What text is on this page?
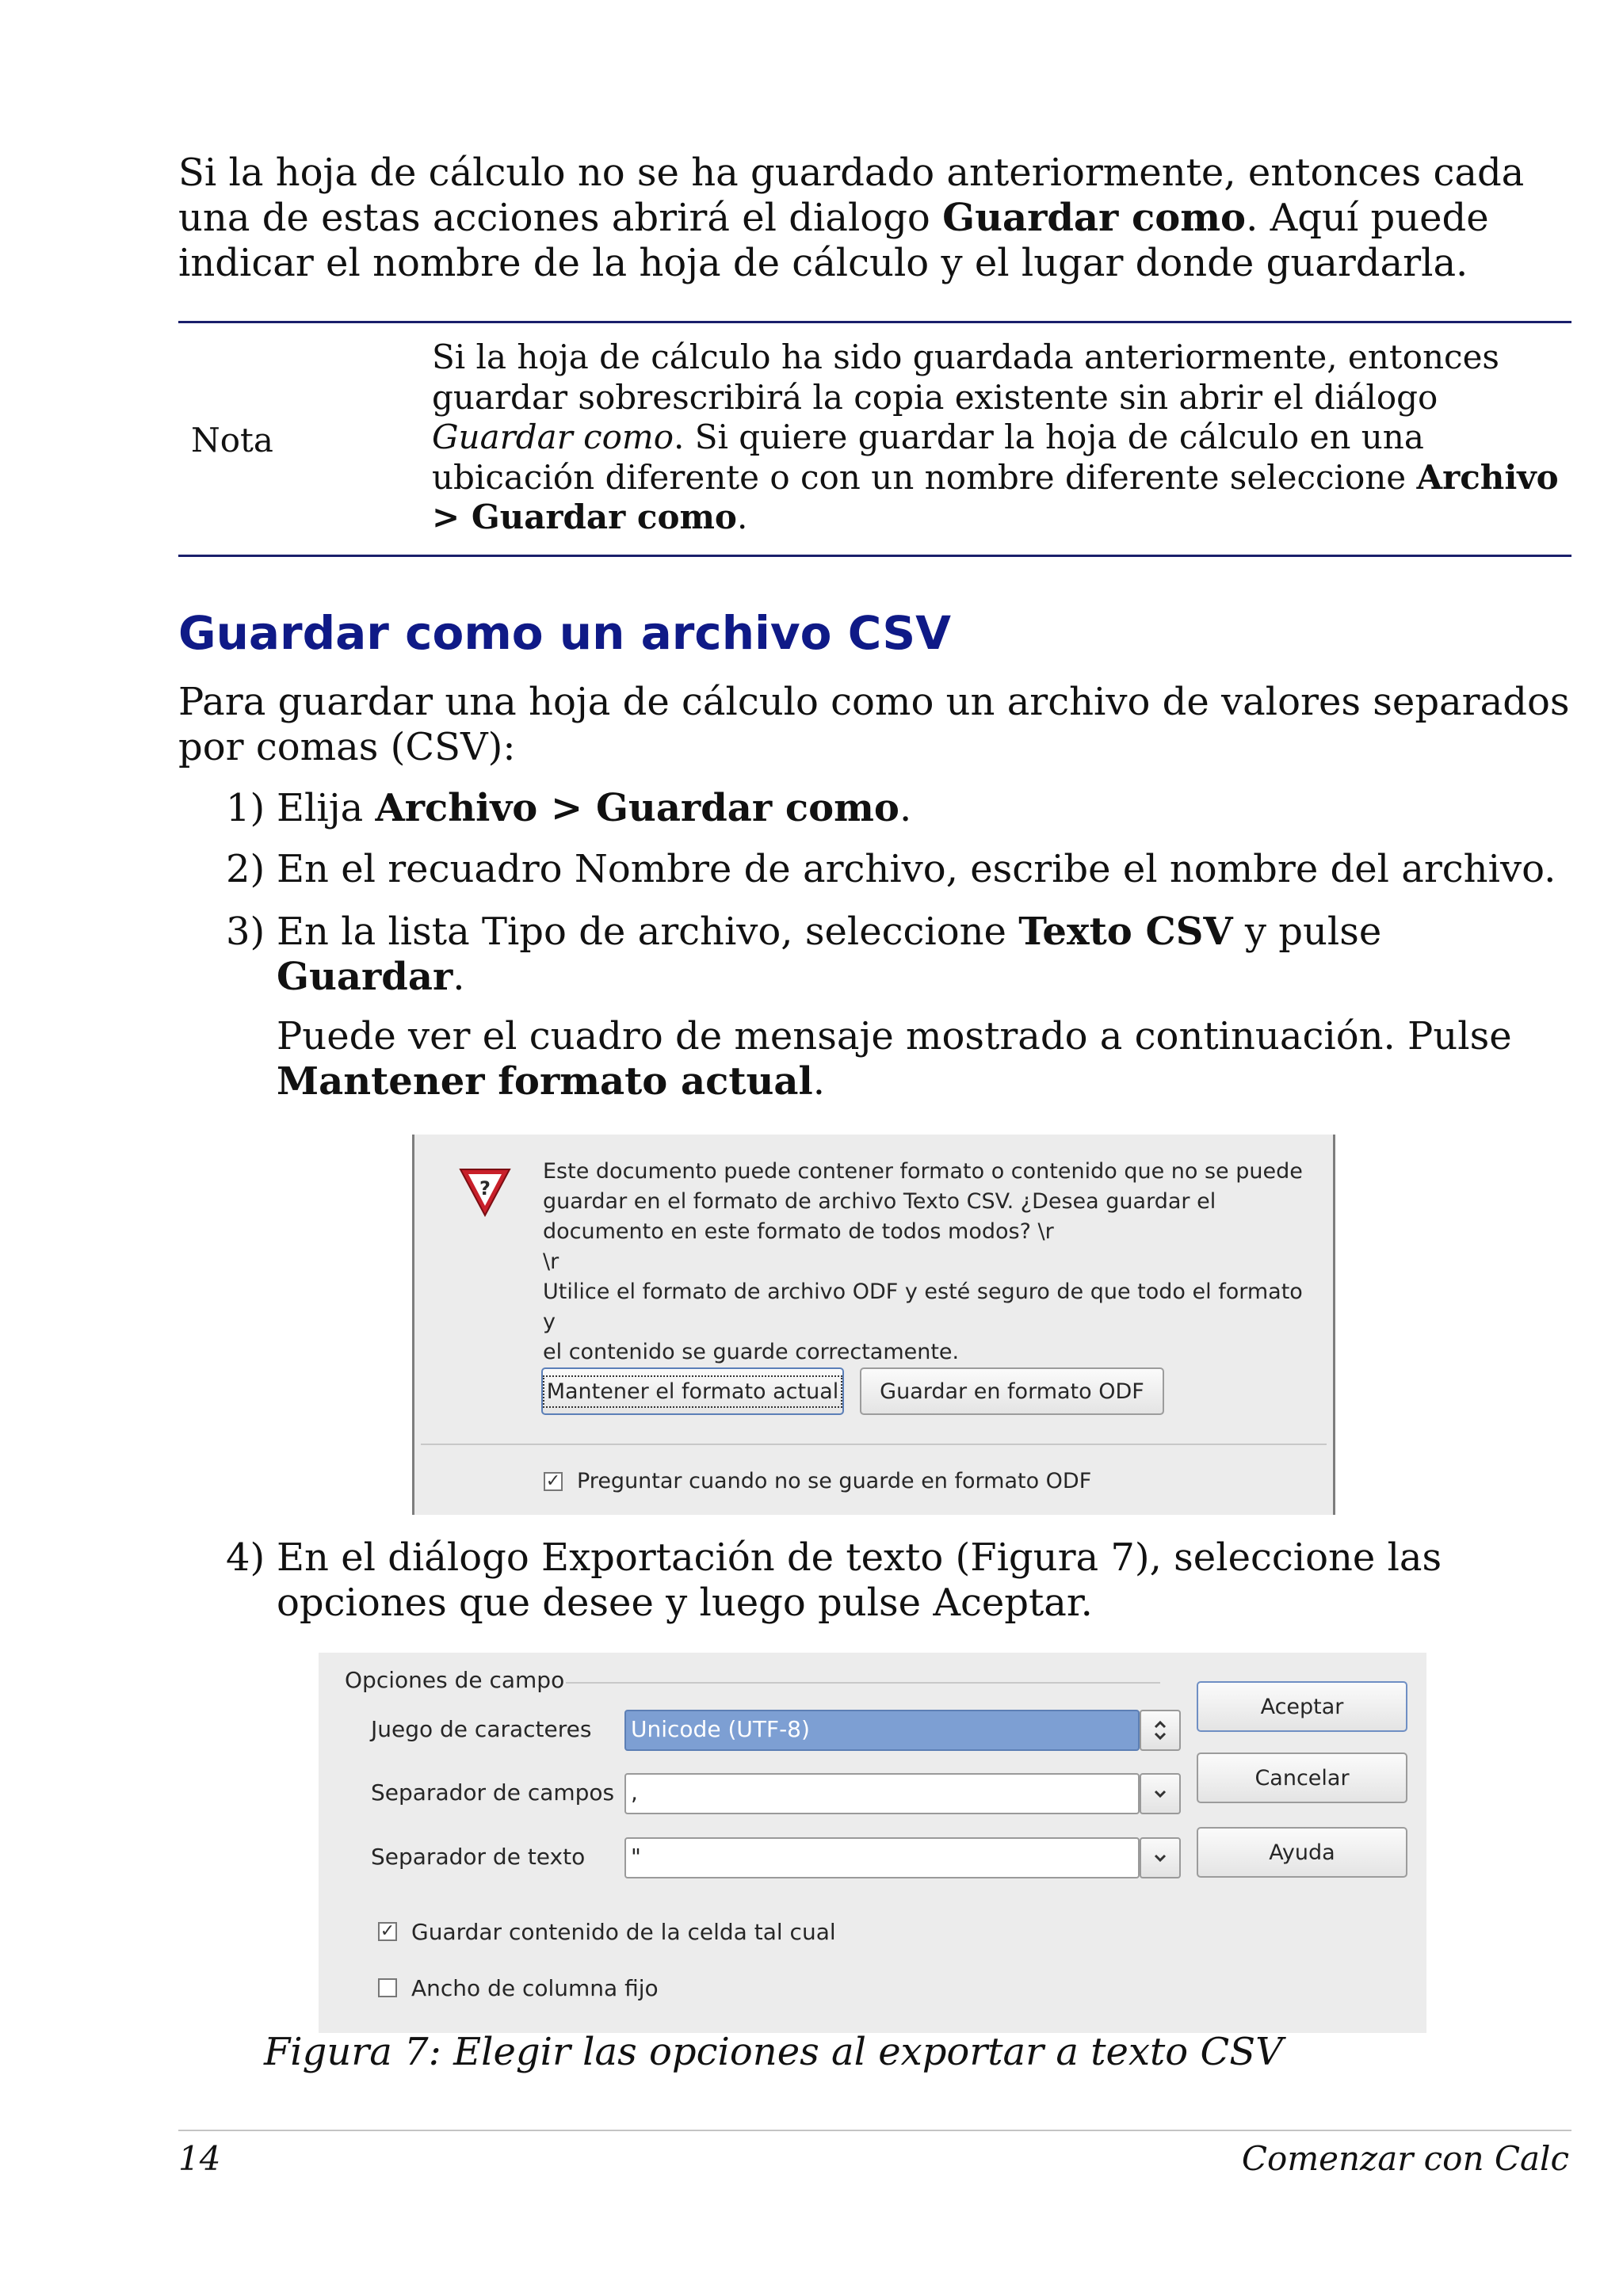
Si la hoja de cálculo no se ha guardado anteriormente, entonces cada una de estas acciones abrirá el dialogo Guardar como. Aquí puede indicar el nombre de la hoja de cálculo y el lugar donde guardarla.

Nota
Si la hoja de cálculo ha sido guardada anteriormente, entonces guardar sobrescribirá la copia existente sin abrir el diálogo Guardar como. Si quiere guardar la hoja de cálculo en una ubicación diferente o con un nombre diferente seleccione Archivo > Guardar como.
Guardar como un archivo CSV

Para guardar una hoja de cálculo como un archivo de valores separados por comas (CSV):

1) Elija Archivo > Guardar como.
2) En el recuadro Nombre de archivo, escribe el nombre del archivo.
3) En la lista Tipo de archivo, seleccione Texto CSV y pulse Guardar.
Puede ver el cuadro de mensaje mostrado a continuación. Pulse Mantener formato actual.
?
Este documento puede contener formato o contenido que no se puede
guardar en el formato de archivo Texto CSV. ¿Desea guardar el
documento en este formato de todos modos? \r
\r
Utilice el formato de archivo ODF y esté seguro de que todo el formato y
el contenido se guarde correctamente.
Mantener el formato actual Guardar en formato ODF
✓ Preguntar cuando no se guarde en formato ODF
4) En el diálogo Exportación de texto (Figura 7), seleccione las opciones que desee y luego pulse Aceptar.
Opciones de campo
Juego de caracteres Unicode (UTF-8)
Separador de campos ,
Separador de texto "
✓ Guardar contenido de la celda tal cual
Ancho de columna fijo
Aceptar
Cancelar
Ayuda
Figura 7: Elegir las opciones al exportar a texto CSV
14	Comenzar con Calc
